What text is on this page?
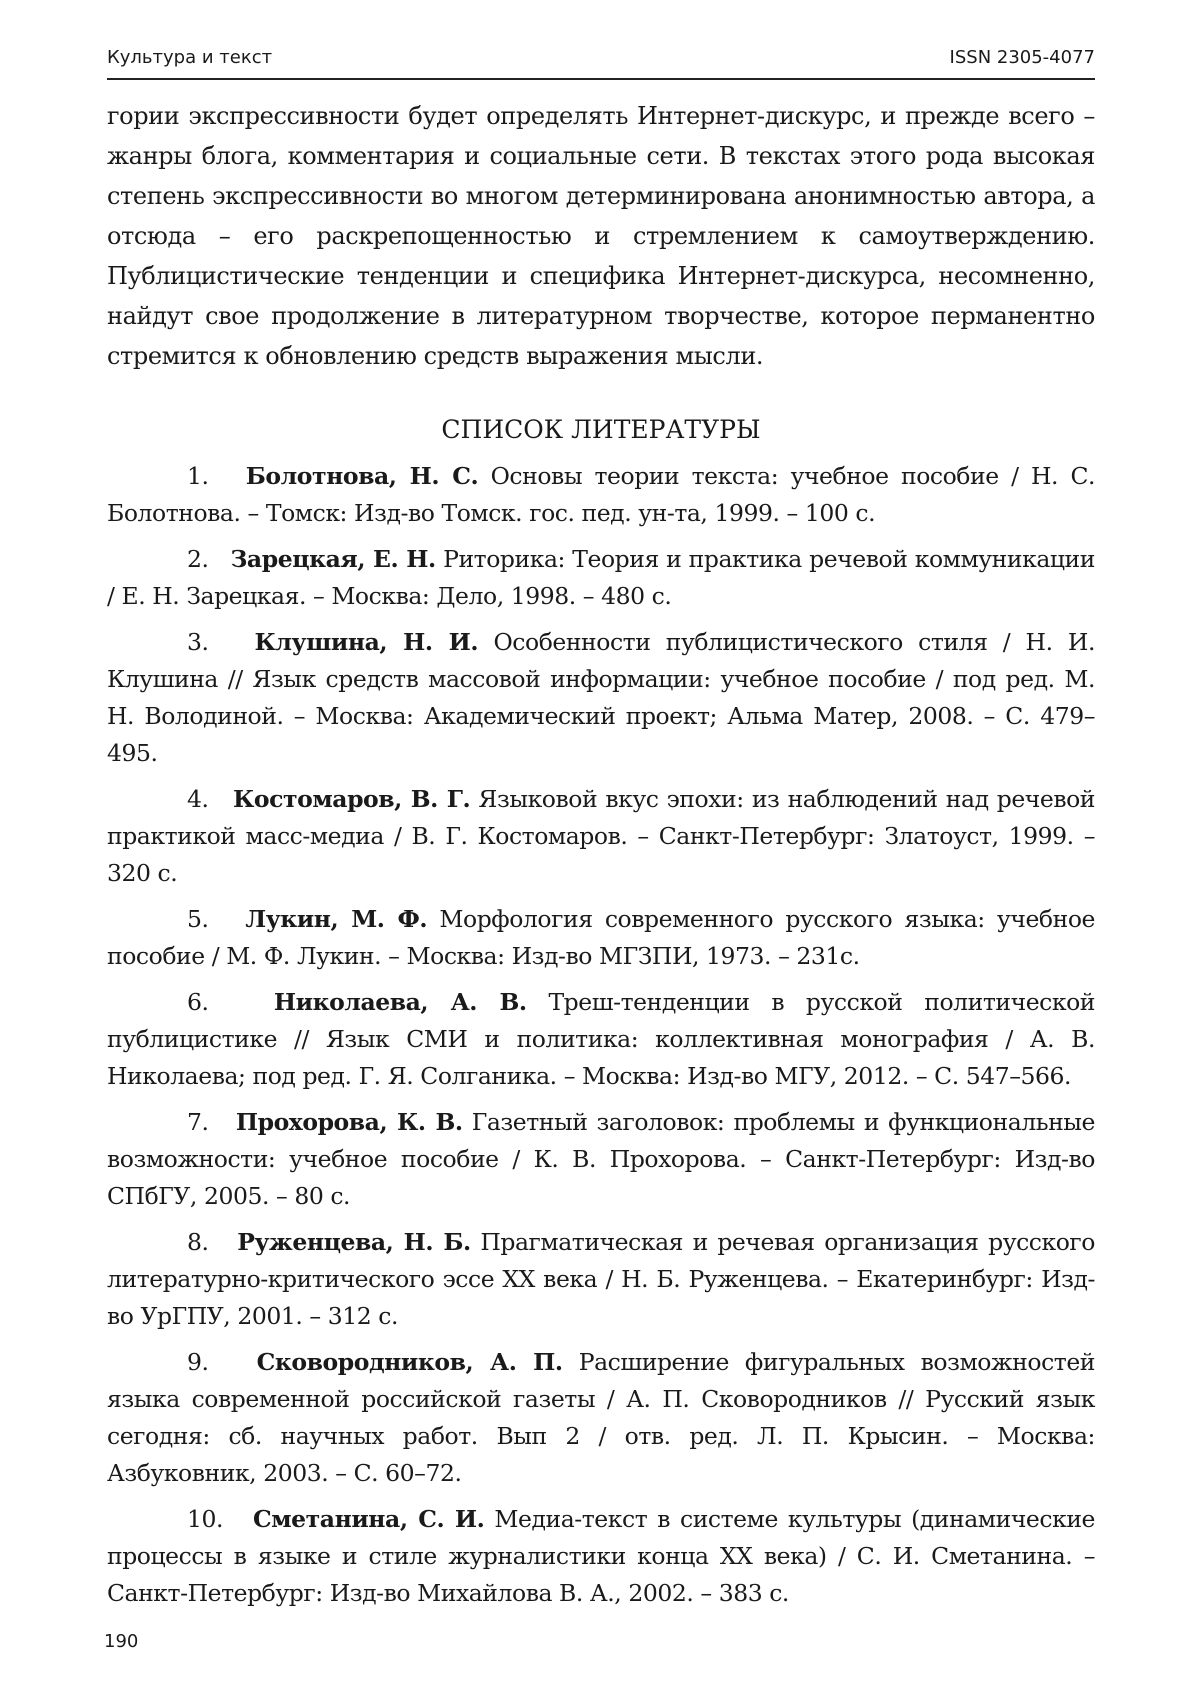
Культура и текст	ISSN 2305-4077

гории экспрессивности будет определять Интернет-дискурс, и прежде всего – жанры блога, комментария и социальные сети. В текстах этого рода высокая степень экспрессивности во многом детерминирована анонимностью автора, а отсюда – его раскрепощенностью и стремлением к самоутверждению. Публицистические тенденции и специфика Интернет-дискурса, несомненно, найдут свое продолжение в литературном творчестве, которое перманентно стремится к обновлению средств выражения мысли.

СПИСОК ЛИТЕРАТУРЫ
1. Болотнова, Н. С. Основы теории текста: учебное пособие / Н. С. Болотнова. – Томск: Изд-во Томск. гос. пед. ун-та, 1999. – 100 с.
2. Зарецкая, Е. Н. Риторика: Теория и практика речевой коммуникации / Е. Н. Зарецкая. – Москва: Дело, 1998. – 480 с.
3. Клушина, Н. И. Особенности публицистического стиля / Н. И. Клушина // Язык средств массовой информации: учебное пособие / под ред. М. Н. Володиной. – Москва: Академический проект; Альма Матер, 2008. – С. 479–495.
4. Костомаров, В. Г. Языковой вкус эпохи: из наблюдений над речевой практикой масс-медиа / В. Г. Костомаров. – Санкт-Петербург: Златоуст, 1999. – 320 с.
5. Лукин, М. Ф. Морфология современного русского языка: учебное пособие / М. Ф. Лукин. – Москва: Изд-во МГЗПИ, 1973. – 231с.
6.	Николаева, А. В. Треш-тенденции в русской политической публицистике // Язык СМИ и политика: коллективная монография / А. В. Николаева; под ред. Г. Я. Солганика. – Москва: Изд-во МГУ, 2012. – С. 547–566.
7. Прохорова, К. В. Газетный заголовок: проблемы и функциональные возможности: учебное пособие / К. В. Прохорова. – Санкт-Петербург: Изд-во СПбГУ, 2005. – 80 с.
8. Руженцева, Н. Б. Прагматическая и речевая организация русского литературно-критического эссе XX века / Н. Б. Руженцева. – Екатеринбург: Изд-во УрГПУ, 2001. – 312 с.
9. Сковородников, А. П. Расширение фигуральных возможностей языка современной российской газеты / А. П. Сковородников // Русский язык сегодня: сб. научных работ. Вып 2 / отв. ред. Л. П. Крысин. – Москва: Азбуковник, 2003. – С. 60–72.
10. Сметанина, С. И. Медиа-текст в системе культуры (динамические процессы в языке и стиле журналистики конца XX века) / С. И. Сметанина. – Санкт-Петербург: Изд-во Михайлова В. А., 2002. – 383 с.
190
